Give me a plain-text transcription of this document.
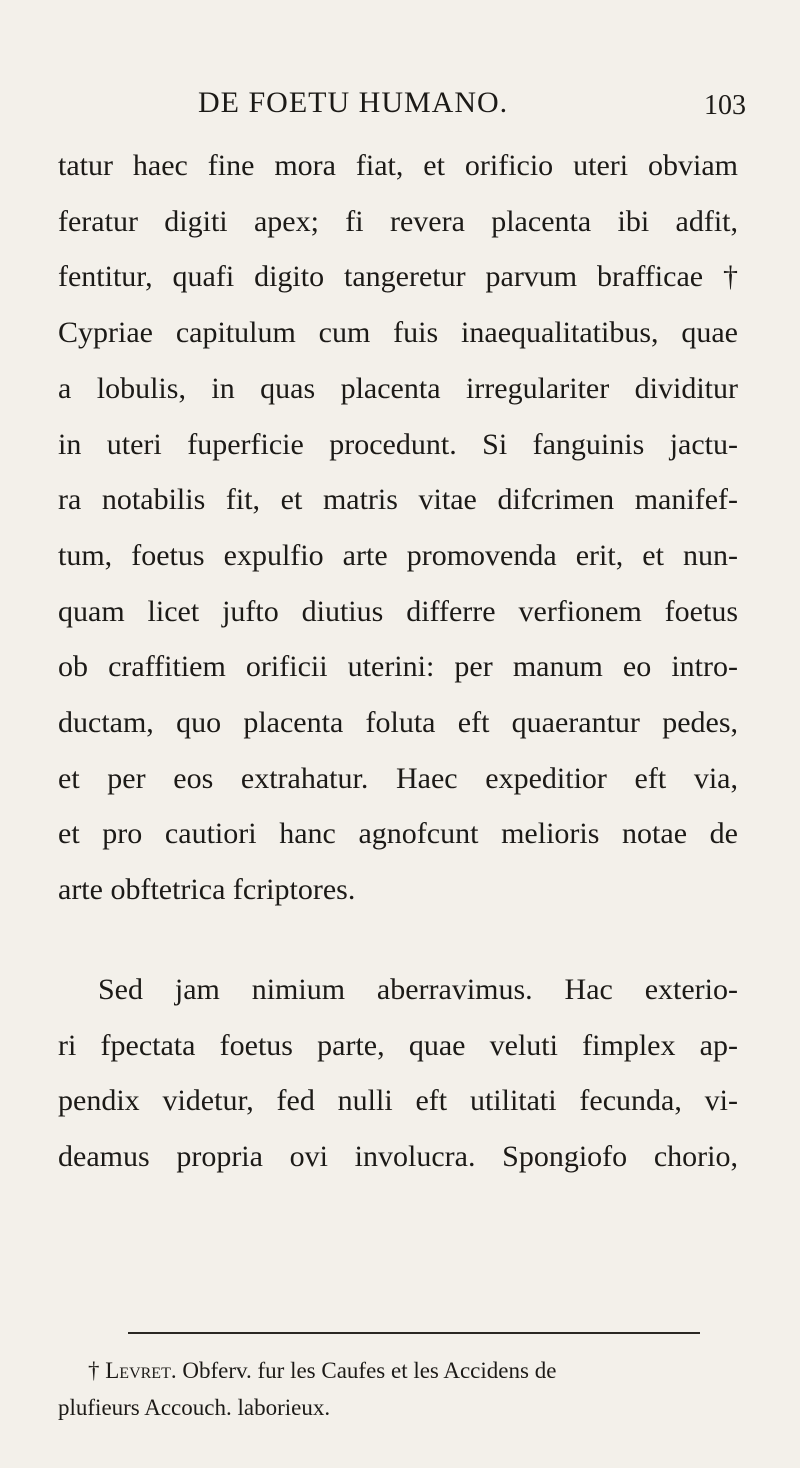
DE FOETU HUMANO.	103
tatur haec fine mora fiat, et orificio uteri obviam
feratur digiti apex; fi revera placenta ibi adfit,
fentitur, quafi digito tangeretur parvum brafficae †
Cypriae capitulum cum fuis inaequalitatibus, quae
a lobulis, in quas placenta irregulariter dividitur
in uteri fuperficie procedunt. Si fanguinis jactu-
ra notabilis fit, et matris vitae difcrimen manifef-
tum, foetus expulfio arte promovenda erit, et nun-
quam licet jufto diutius differre verfionem foetus
ob craffitiem orificii uterini: per manum eo intro-
ductam, quo placenta foluta eft quaerantur pedes,
et per eos extrahatur. Haec expeditior eft via,
et pro cautiori hanc agnofcunt melioris notae de
arte obftetrica fcriptores.
Sed jam nimium aberravimus. Hac exterio-
ri fpectata foetus parte, quae veluti fimplex ap-
pendix videtur, fed nulli eft utilitati fecunda, vi-
deamus propria ovi involucra. Spongiofo chorio,
† Levret. Obferv. fur les Caufes et les Accidens de
plufieurs Accouch. laborieux.
